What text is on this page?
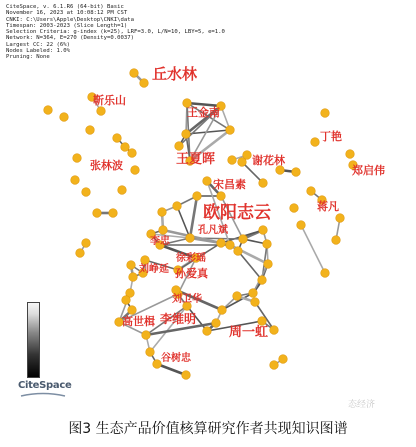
CiteSpace, v. 6.1.R6 (64-bit) Basic
November 16, 2023 at 10:08:12 PM CST
CNKI: C:\Users\Apple\Desktop\CNKI\data
Timespan: 2003-2023 (Slice Length=1)
Selection Criteria: g-index (k=25), LRF=3.0, L/N=10, LBY=5, e=1.0
Network: N=364, E=270 (Density=0.0037)
Largest CC: 22 (6%)
Nodes Labeled: 1.0%
Pruning: None
丘水林
靳乐山
王金南
丁艳
张林波	王夏晖	谢花林
郑启伟
宋昌素
蒋凡
欧阳志云
孔凡斌
李忠
徐彩瑶
刘峥延 孙爱真
刘卫华
高世楫 李维明
周一虹
谷树忠
CiteSpace
态经济
图3 生态产品价值核算研究作者共现知识图谱
